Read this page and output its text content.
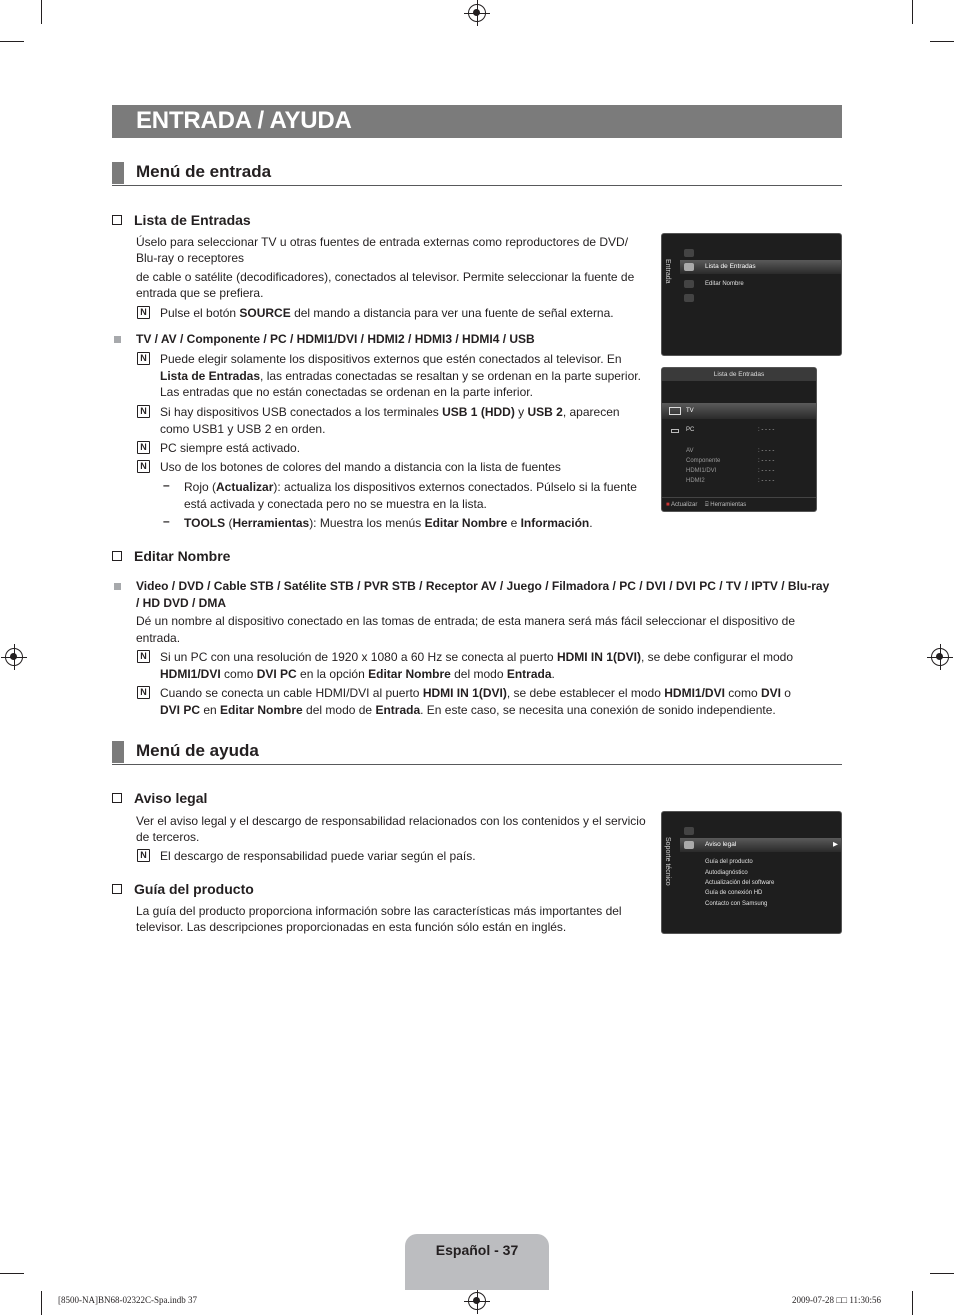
ENTRADA / AYUDA
Menú de entrada
Lista de Entradas
Úselo para seleccionar TV u otras fuentes de entrada externas como reproductores de DVD/
Blu-ray o receptores
de cable o satélite (decodificadores), conectados al televisor. Permite seleccionar la fuente de
entrada que se prefiera.
N Pulse el botón SOURCE del mando a distancia para ver una fuente de señal externa.
TV / AV / Componente / PC / HDMI1/DVI / HDMI2 / HDMI3 / HDMI4 / USB
N Puede elegir solamente los dispositivos externos que estén conectados al televisor. En
Lista de Entradas, las entradas conectadas se resaltan y se ordenan en la parte superior.
Las entradas que no están conectadas se ordenan en la parte inferior.
N Si hay dispositivos USB conectados a los terminales USB 1 (HDD) y USB 2, aparecen
como USB1 y USB 2 en orden.
N PC siempre está activado.
N Uso de los botones de colores del mando a distancia con la lista de fuentes
– Rojo (Actualizar): actualiza los dispositivos externos conectados. Púlselo si la fuente
está activada y conectada pero no se muestra en la lista.
– TOOLS (Herramientas): Muestra los menús Editar Nombre e Información.
Editar Nombre
Video / DVD / Cable STB / Satélite STB / PVR STB / Receptor AV / Juego / Filmadora / PC / DVI / DVI PC / TV / IPTV / Blu-ray
/ HD DVD / DMA
Dé un nombre al dispositivo conectado en las tomas de entrada; de esta manera será más fácil seleccionar el dispositivo de
entrada.
N Si un PC con una resolución de 1920 x 1080 a 60 Hz se conecta al puerto HDMI IN 1(DVI), se debe configurar el modo
HDMI1/DVI como DVI PC en la opción Editar Nombre del modo Entrada.
N Cuando se conecta un cable HDMI/DVI al puerto HDMI IN 1(DVI), se debe establecer el modo HDMI1/DVI como DVI o
DVI PC en Editar Nombre del modo de Entrada. En este caso, se necesita una conexión de sonido independiente.
Menú de ayuda
Aviso legal
Ver el aviso legal y el descargo de responsabilidad relacionados con los contenidos y el servicio
de terceros.
N El descargo de responsabilidad puede variar según el país.
Guía del producto
La guía del producto proporciona información sobre las características más importantes del
televisor. Las descripciones proporcionadas en esta función sólo están en inglés.
Entrada	Lista de Entradas
Editar Nombre
Lista de Entradas
TV
PC	: - - - -
AV	: - - - -
Componente	: - - - -
HDMI1/DVI	: - - - -
HDMI2	: - - - -
■ Actualizar ⌸ Herramientas
Soporte técnico	Aviso legal	▶
Guía del producto
Autodiagnóstico
Actualización del software
Guía de conexión HD
Contacto con Samsung
Español - 37
[8500-NA]BN68-02322C-Spa.indb 37	2009-07-28 □□ 11:30:56
